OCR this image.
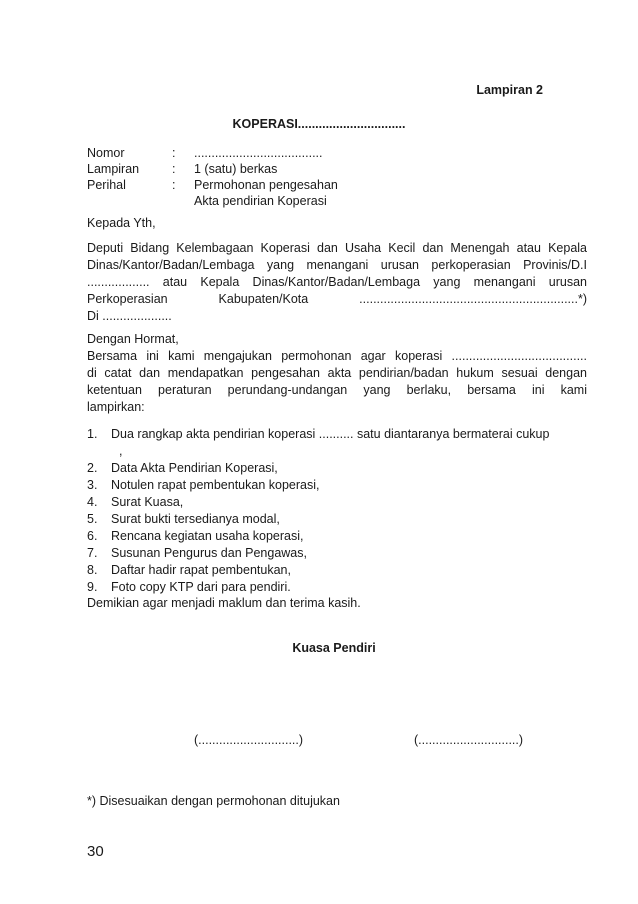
Lampiran 2
KOPERASI...............................
Nomor	:	.....................................
Lampiran	:	1 (satu) berkas
Perihal	:	Permohonan pengesahan
Akta pendirian Koperasi
Kepada Yth,
Deputi Bidang Kelembagaan Koperasi dan Usaha Kecil dan Menengah atau Kepala
Dinas/Kantor/Badan/Lembaga yang menangani urusan perkoperasian Provinis/D.I
.................. atau Kepala Dinas/Kantor/Badan/Lembaga yang menangani urusan
Perkoperasian Kabupaten/Kota ...............................................................*)
Di ....................
Dengan Hormat,
Bersama ini kami mengajukan permohonan agar koperasi .......................................
di catat dan mendapatkan pengesahan akta pendirian/badan hukum sesuai dengan
ketentuan peraturan perundang-undangan yang berlaku, bersama ini kami
lampirkan:
1.	Dua rangkap akta pendirian koperasi .......... satu diantaranya bermaterai cukup
,
2.	Data Akta Pendirian Koperasi,
3.	Notulen rapat pembentukan koperasi,
4.	Surat Kuasa,
5.	Surat bukti tersedianya modal,
6.	Rencana kegiatan usaha koperasi,
7.	Susunan Pengurus dan Pengawas,
8.	Daftar hadir rapat pembentukan,
9.	Foto copy KTP dari para pendiri.
Demikian agar menjadi maklum dan terima kasih.
Kuasa Pendiri
(.............................)	(.............................)
*) Disesuaikan dengan permohonan ditujukan
30
